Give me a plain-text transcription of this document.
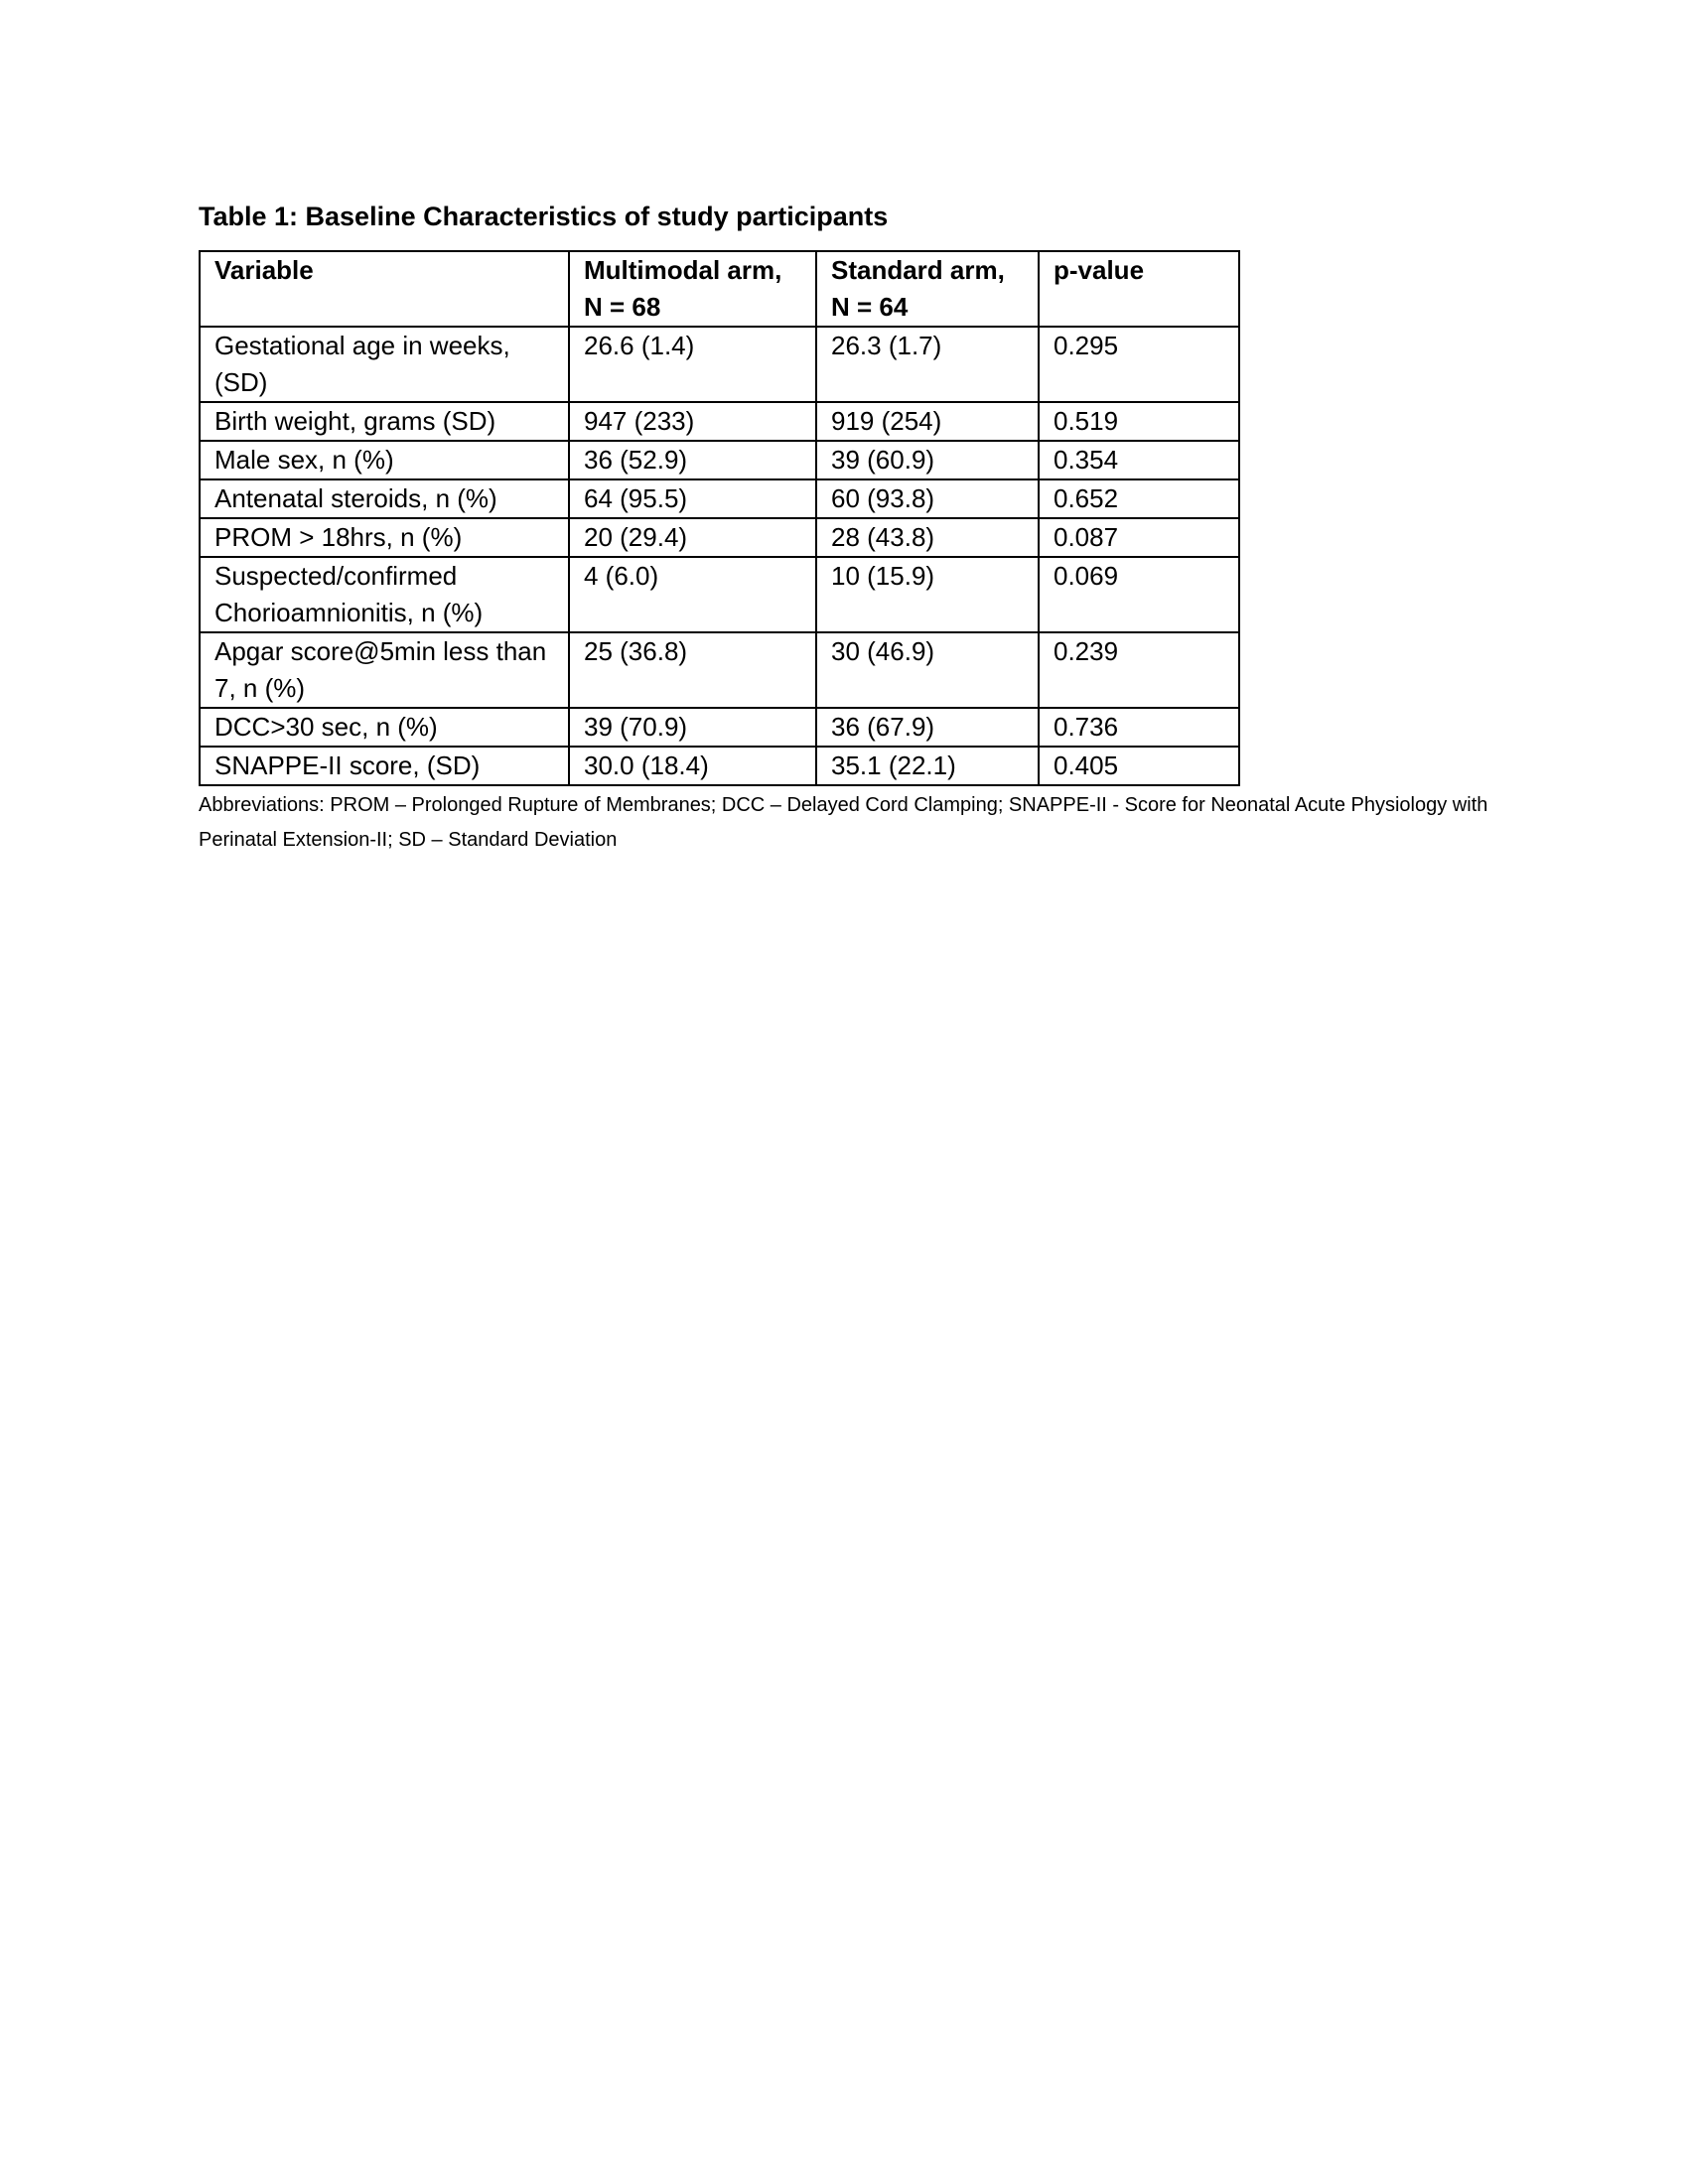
Table 1: Baseline Characteristics of study participants
Variable	Multimodal arm, N = 68	Standard arm, N = 64	p-value
Gestational age in weeks, (SD)	26.6 (1.4)	26.3 (1.7)	0.295
Birth weight, grams (SD)	947 (233)	919 (254)	0.519
Male sex, n (%)	36 (52.9)	39 (60.9)	0.354
Antenatal steroids, n (%)	64 (95.5)	60 (93.8)	0.652
PROM > 18hrs, n (%)	20 (29.4)	28 (43.8)	0.087
Suspected/confirmed Chorioamnionitis, n (%)	4 (6.0)	10 (15.9)	0.069
Apgar score@5min less than 7, n (%)	25 (36.8)	30 (46.9)	0.239
DCC>30 sec, n (%)	39 (70.9)	36 (67.9)	0.736
SNAPPE-II score, (SD)	30.0 (18.4)	35.1 (22.1)	0.405
Abbreviations: PROM – Prolonged Rupture of Membranes; DCC – Delayed Cord Clamping; SNAPPE-II - Score for Neonatal Acute Physiology with Perinatal Extension-II; SD – Standard Deviation
